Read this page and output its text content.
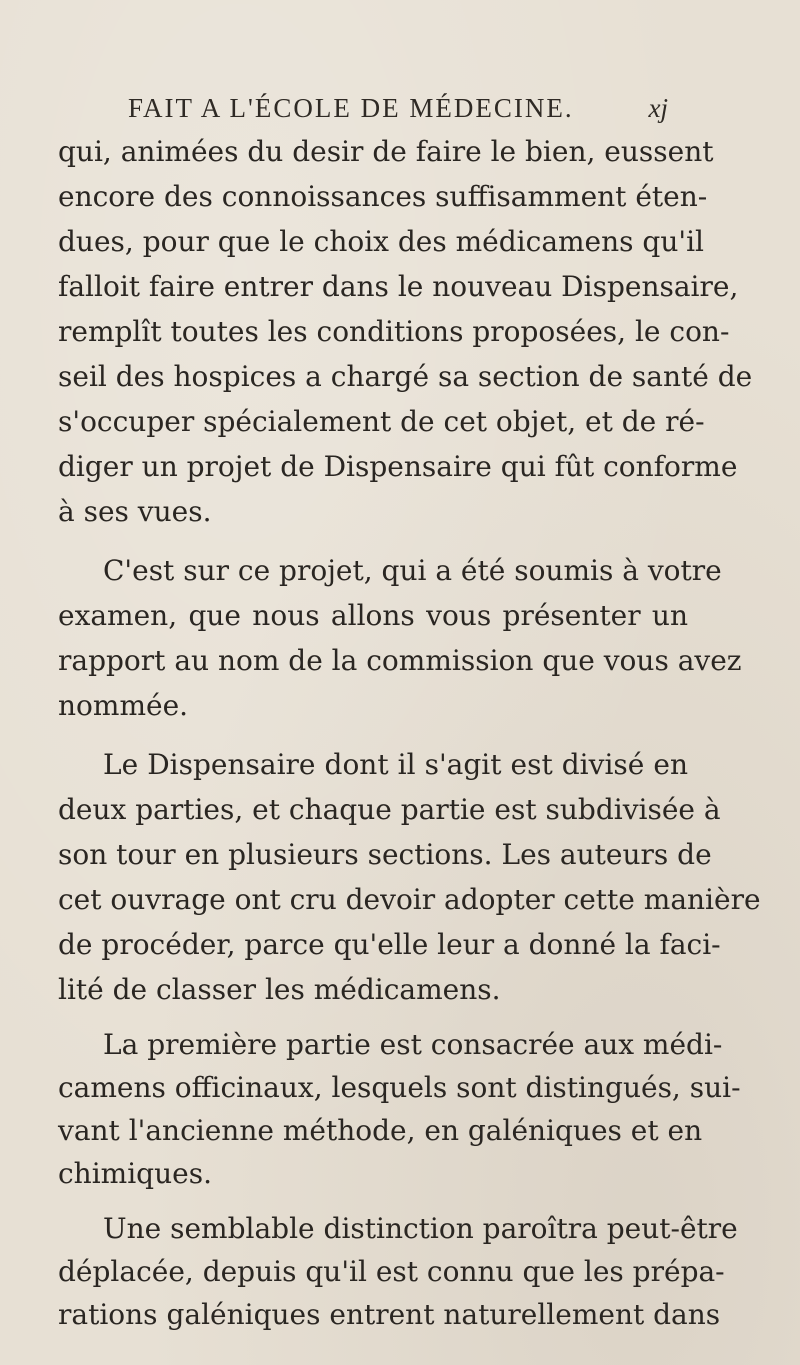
FAIT A L'ÉCOLE DE MÉDECINE.	xj
qui, animées du desir de faire le bien, eussent
encore des connoissances suffisamment éten-
dues, pour que le choix des médicamens qu'il
falloit faire entrer dans le nouveau Dispensaire,
remplît toutes les conditions proposées, le con-
seil des hospices a chargé sa section de santé de
s'occuper spécialement de cet objet, et de ré-
diger un projet de Dispensaire qui fût conforme
à ses vues.
C'est sur ce projet, qui a été soumis à votre
examen, que nous allons vous présenter un
rapport au nom de la commission que vous avez
nommée.
Le Dispensaire dont il s'agit est divisé en
deux parties, et chaque partie est subdivisée à
son tour en plusieurs sections. Les auteurs de
cet ouvrage ont cru devoir adopter cette manière
de procéder, parce qu'elle leur a donné la faci-
lité de classer les médicamens.
La première partie est consacrée aux médi-
camens officinaux, lesquels sont distingués, sui-
vant l'ancienne méthode, en galéniques et en
chimiques.
Une semblable distinction paroîtra peut-être
déplacée, depuis qu'il est connu que les prépa-
rations galéniques entrent naturellement dans
